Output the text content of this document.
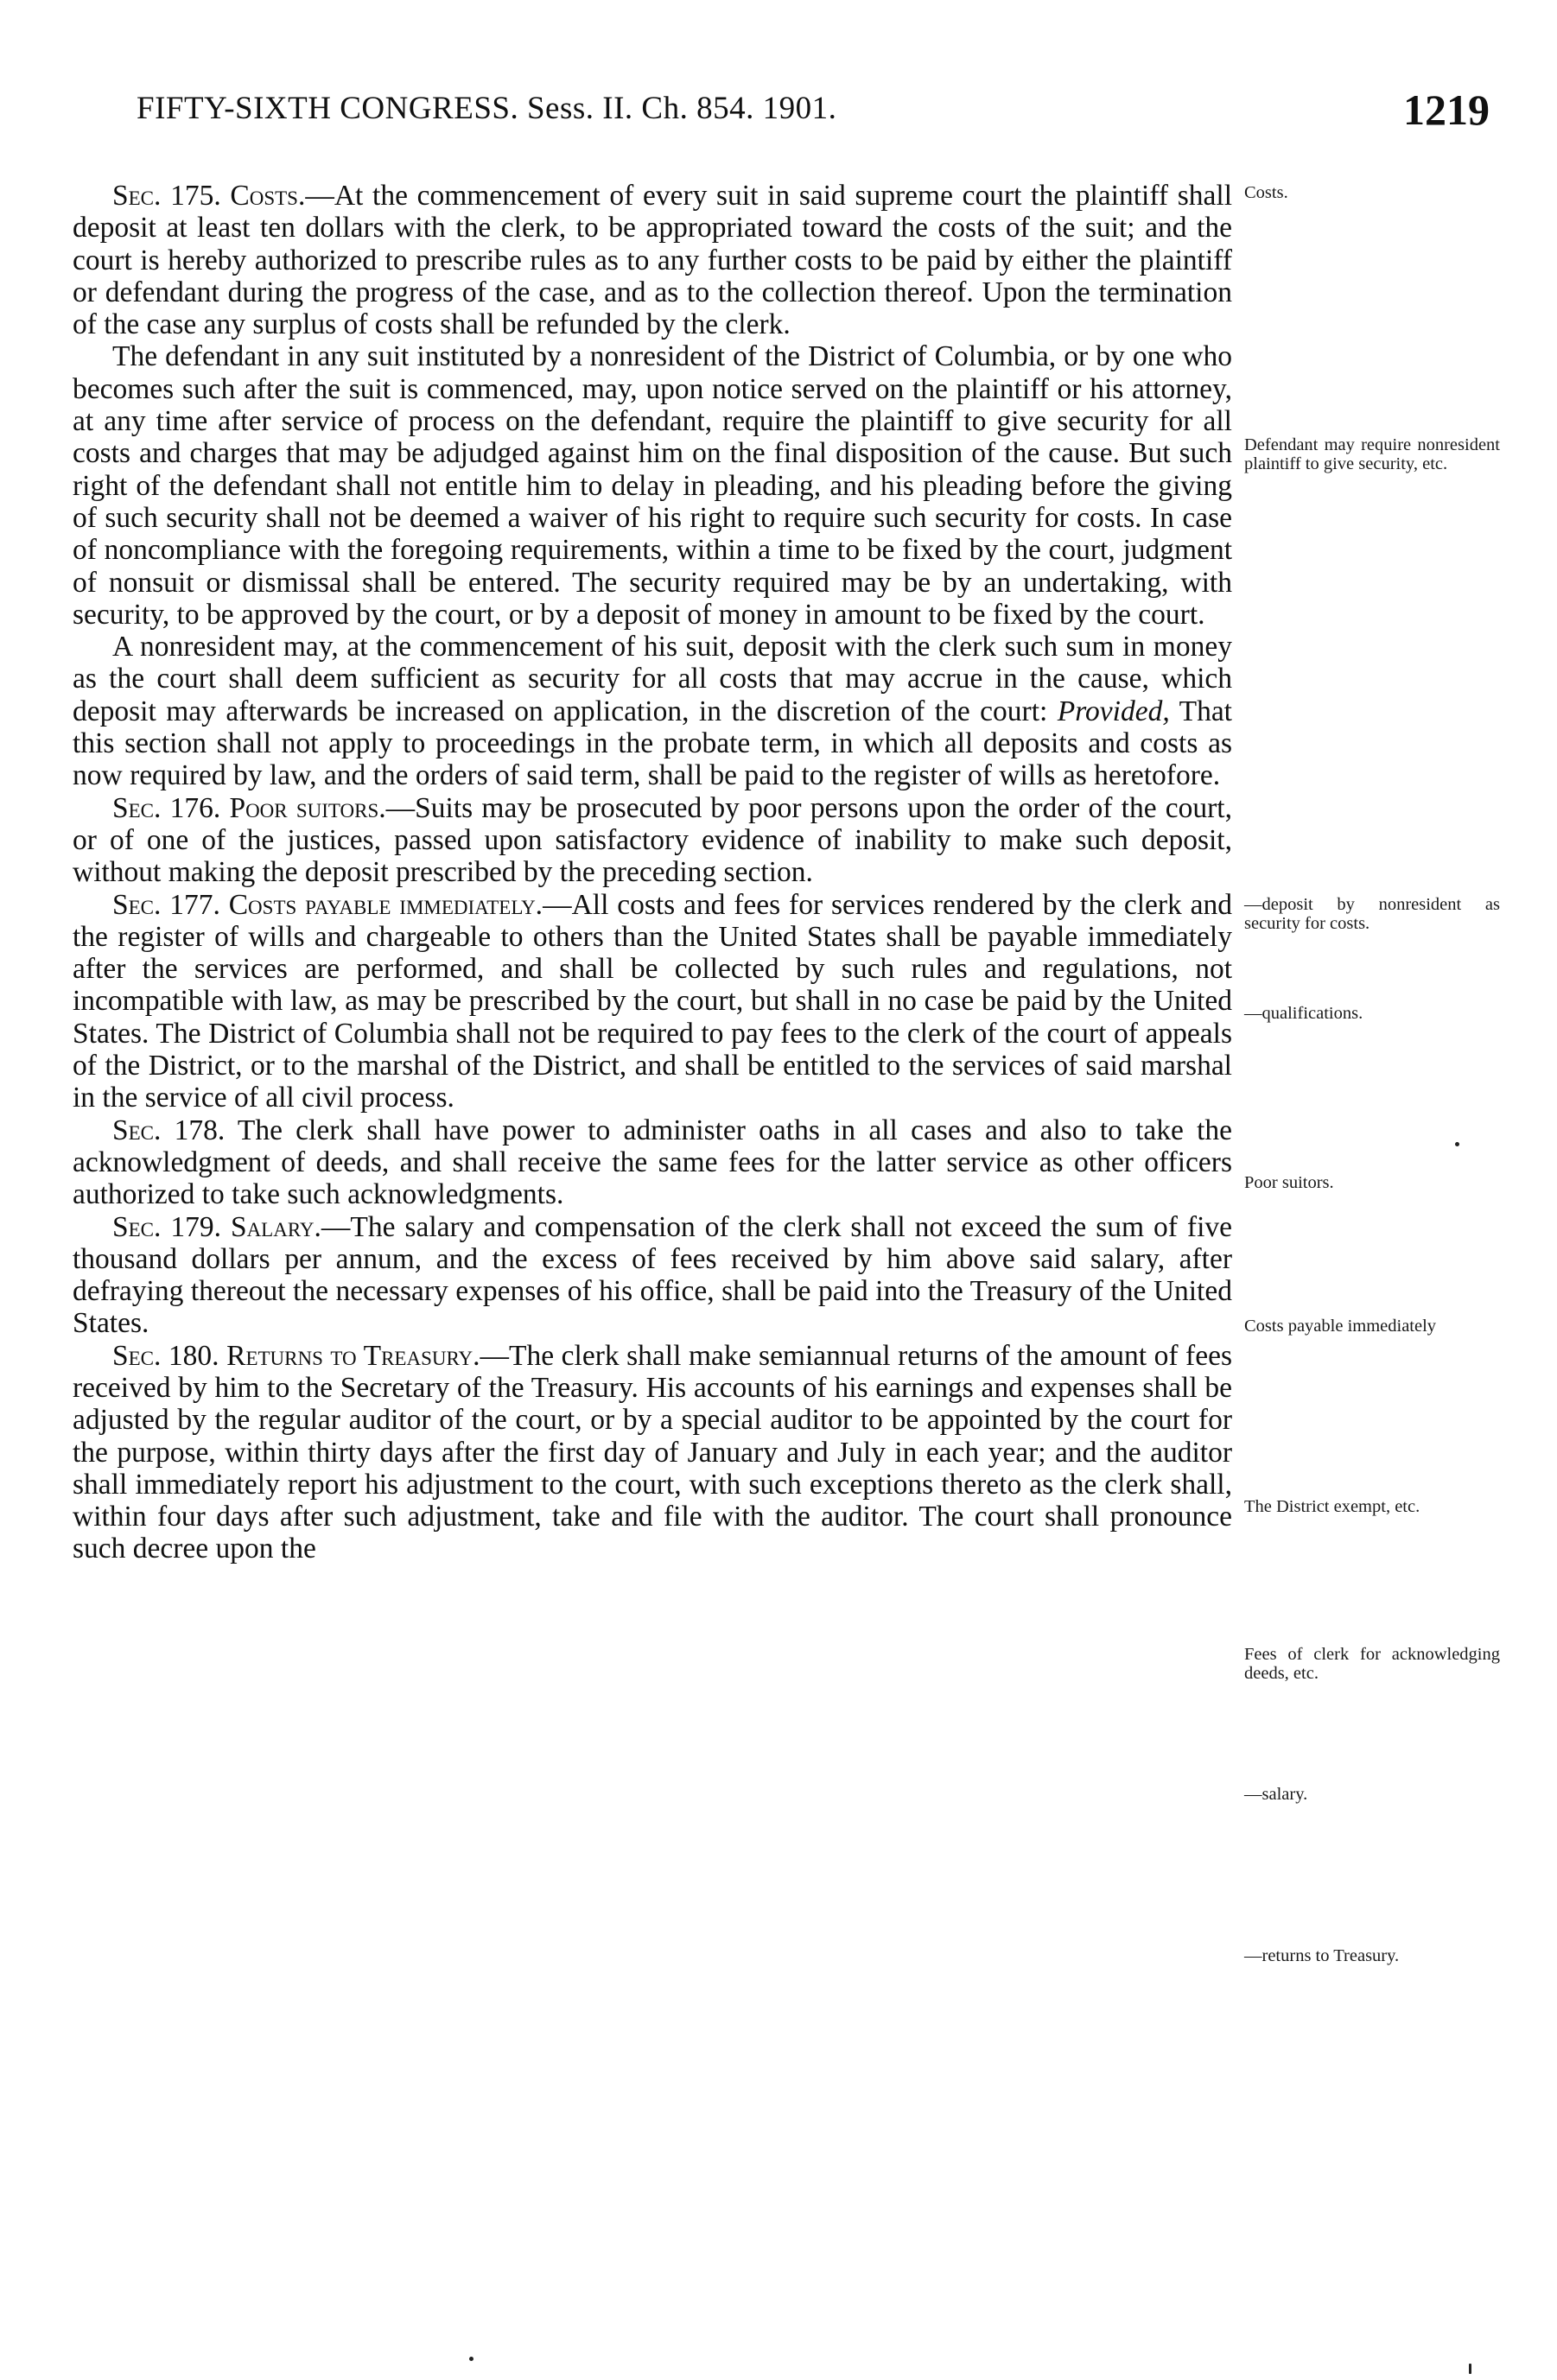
FIFTY-SIXTH CONGRESS. Sess. II. Ch. 854. 1901.	1219

Sec. 175. Costs.—At the commencement of every suit in said supreme court the plaintiff shall deposit at least ten dollars with the clerk, to be appropriated toward the costs of the suit; and the court is hereby authorized to prescribe rules as to any further costs to be paid by either the plaintiff or defendant during the progress of the case, and as to the collection thereof. Upon the termination of the case any surplus of costs shall be refunded by the clerk.

The defendant in any suit instituted by a nonresident of the District of Columbia, or by one who becomes such after the suit is commenced, may, upon notice served on the plaintiff or his attorney, at any time after service of process on the defendant, require the plaintiff to give security for all costs and charges that may be adjudged against him on the final disposition of the cause. But such right of the defendant shall not entitle him to delay in pleading, and his pleading before the giving of such security shall not be deemed a waiver of his right to require such security for costs. In case of noncompliance with the foregoing requirements, within a time to be fixed by the court, judgment of nonsuit or dismissal shall be entered. The security required may be by an undertaking, with security, to be approved by the court, or by a deposit of money in amount to be fixed by the court.

A nonresident may, at the commencement of his suit, deposit with the clerk such sum in money as the court shall deem sufficient as security for all costs that may accrue in the cause, which deposit may afterwards be increased on application, in the discretion of the court: Provided, That this section shall not apply to proceedings in the probate term, in which all deposits and costs as now required by law, and the orders of said term, shall be paid to the register of wills as heretofore.

Sec. 176. Poor suitors.—Suits may be prosecuted by poor persons upon the order of the court, or of one of the justices, passed upon satisfactory evidence of inability to make such deposit, without making the deposit prescribed by the preceding section.

Sec. 177. Costs payable immediately.—All costs and fees for services rendered by the clerk and the register of wills and chargeable to others than the United States shall be payable immediately after the services are performed, and shall be collected by such rules and regulations, not incompatible with law, as may be prescribed by the court, but shall in no case be paid by the United States. The District of Columbia shall not be required to pay fees to the clerk of the court of appeals of the District, or to the marshal of the District, and shall be entitled to the services of said marshal in the service of all civil process.

Sec. 178. The clerk shall have power to administer oaths in all cases and also to take the acknowledgment of deeds, and shall receive the same fees for the latter service as other officers authorized to take such acknowledgments.

Sec. 179. Salary.—The salary and compensation of the clerk shall not exceed the sum of five thousand dollars per annum, and the excess of fees received by him above said salary, after defraying thereout the necessary expenses of his office, shall be paid into the Treasury of the United States.

Sec. 180. Returns to Treasury.—The clerk shall make semiannual returns of the amount of fees received by him to the Secretary of the Treasury. His accounts of his earnings and expenses shall be adjusted by the regular auditor of the court, or by a special auditor to be appointed by the court for the purpose, within thirty days after the first day of January and July in each year; and the auditor shall immediately report his adjustment to the court, with such exceptions thereto as the clerk shall, within four days after such adjustment, take and file with the auditor. The court shall pronounce such decree upon the

Costs.
Defendant may require nonresident plaintiff to give security, etc.
—deposit by nonresident as security for costs.
—qualifications.
Poor suitors.
Costs payable immediately
The District exempt, etc.
Fees of clerk for acknowledging deeds, etc.
—salary.
—returns to Treasury.
